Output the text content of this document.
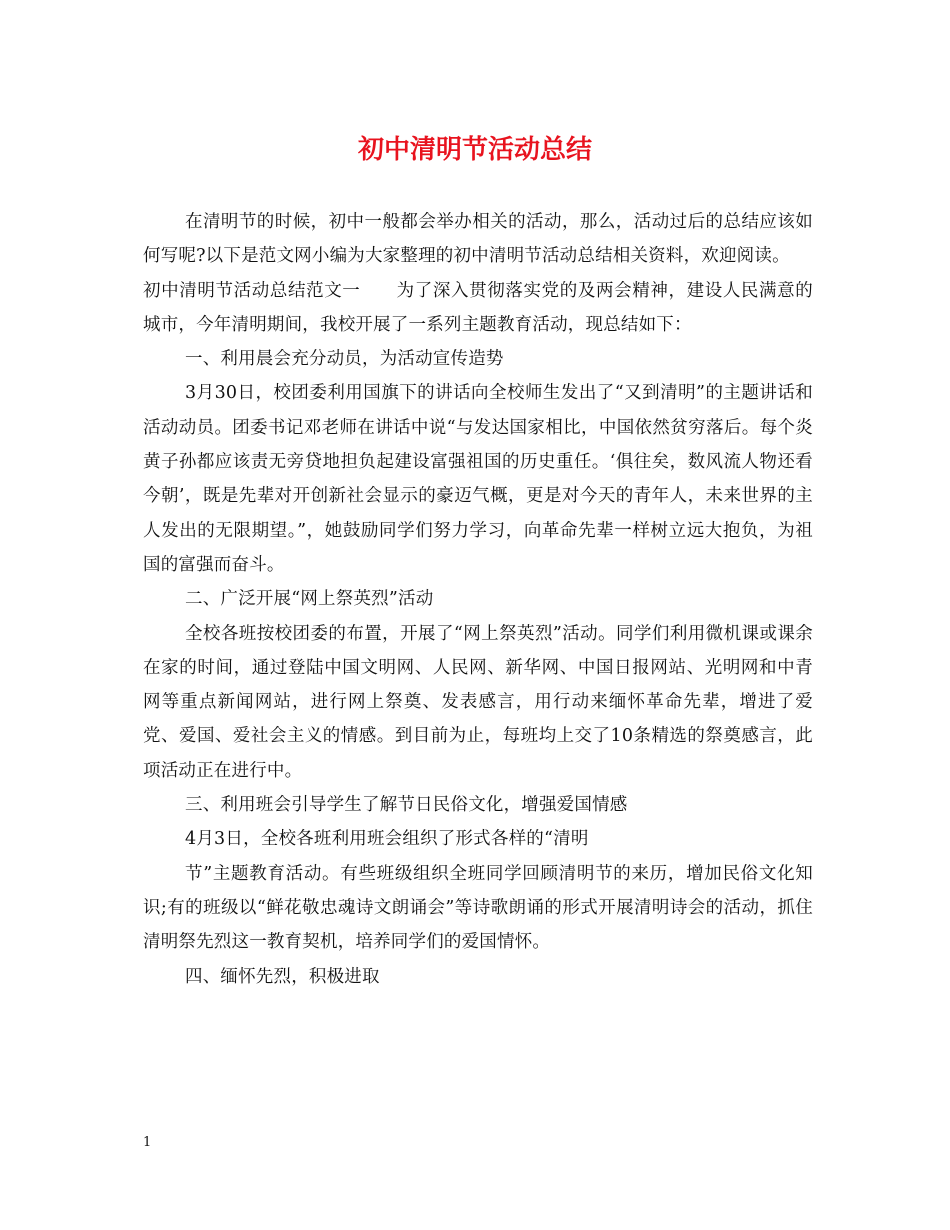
初中清明节活动总结

在清明节的时候，初中一般都会举办相关的活动，那么，活动过后的总结应该如何写呢?以下是范文网小编为大家整理的初中清明节活动总结相关资料，欢迎阅读。

初中清明节活动总结范文一　　为了深入贯彻落实党的及两会精神，建设人民满意的城市，今年清明期间，我校开展了一系列主题教育活动，现总结如下：

一、利用晨会充分动员，为活动宣传造势

3月30日，校团委利用国旗下的讲话向全校师生发出了“又到清明”的主题讲话和活动动员。团委书记邓老师在讲话中说“与发达国家相比，中国依然贫穷落后。每个炎黄子孙都应该责无旁贷地担负起建设富强祖国的历史重任。‘俱往矣，数风流人物还看今朝’，既是先辈对开创新社会显示的豪迈气概，更是对今天的青年人，未来世界的主人发出的无限期望。”，她鼓励同学们努力学习，向革命先辈一样树立远大抱负，为祖国的富强而奋斗。

二、广泛开展“网上祭英烈”活动

全校各班按校团委的布置，开展了“网上祭英烈”活动。同学们利用微机课或课余在家的时间，通过登陆中国文明网、人民网、新华网、中国日报网站、光明网和中青网等重点新闻网站，进行网上祭奠、发表感言，用行动来缅怀革命先辈，增进了爱党、爱国、爱社会主义的情感。到目前为止，每班均上交了10条精选的祭奠感言，此项活动正在进行中。

三、利用班会引导学生了解节日民俗文化，增强爱国情感

4月3日，全校各班利用班会组织了形式各样的“清明

节”主题教育活动。有些班级组织全班同学回顾清明节的来历，增加民俗文化知识;有的班级以“鲜花敬忠魂诗文朗诵会”等诗歌朗诵的形式开展清明诗会的活动，抓住清明祭先烈这一教育契机，培养同学们的爱国情怀。

四、缅怀先烈，积极进取

1
